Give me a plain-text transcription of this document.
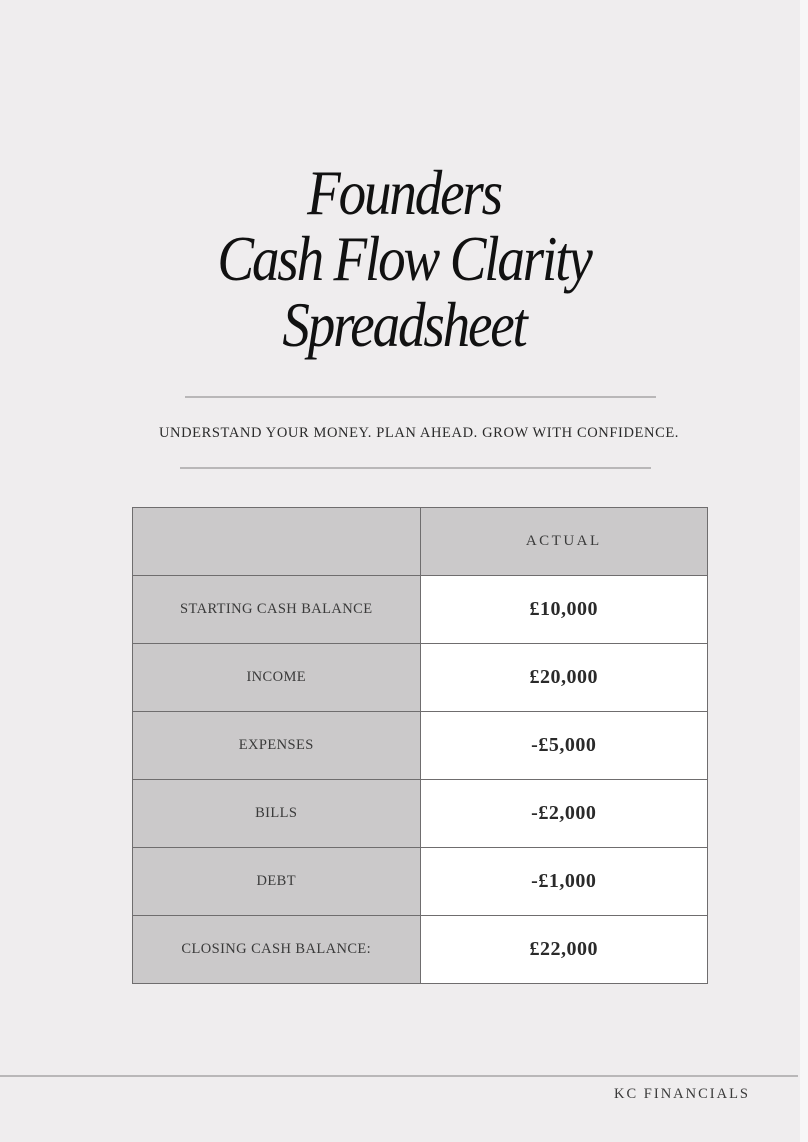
Founders
Cash Flow Clarity
Spreadsheet
UNDERSTAND YOUR MONEY. PLAN AHEAD. GROW WITH CONFIDENCE.
	ACTUAL
STARTING CASH BALANCE	£10,000
INCOME	£20,000
EXPENSES	-£5,000
BILLS	-£2,000
DEBT	-£1,000
CLOSING CASH BALANCE:	£22,000
KC FINANCIALS
